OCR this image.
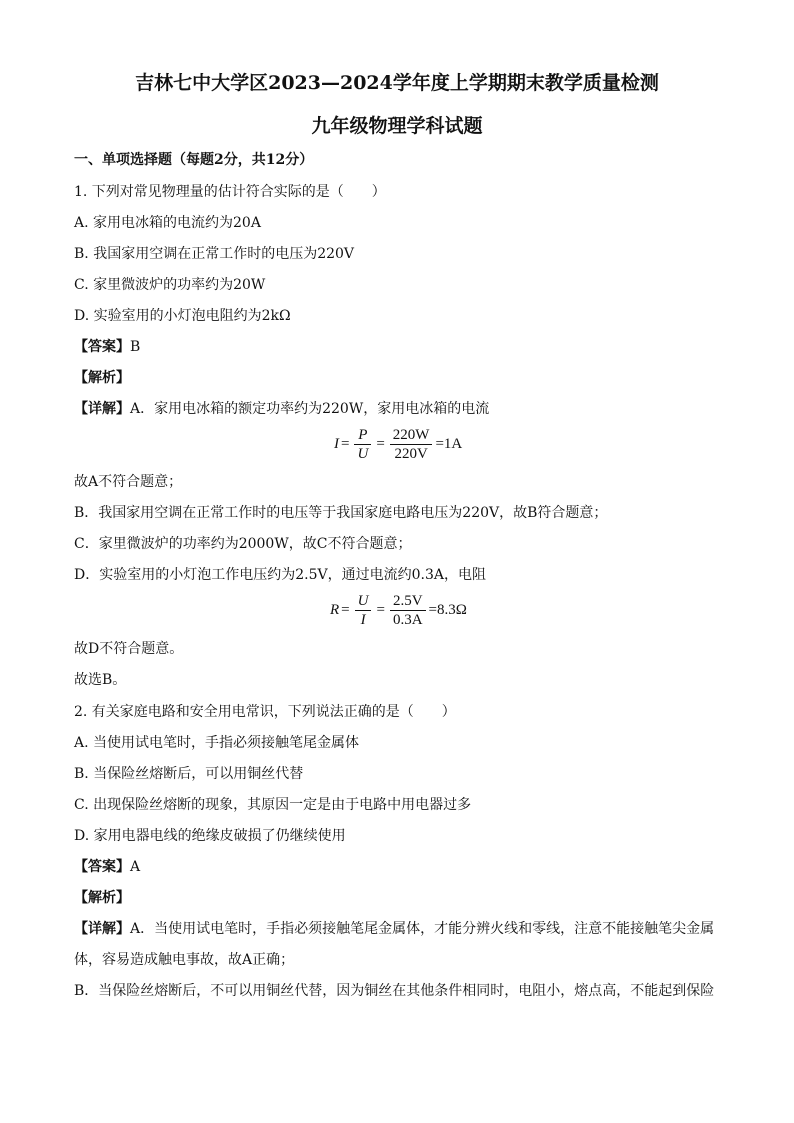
吉林七中大学区2023—2024学年度上学期期末教学质量检测
九年级物理学科试题
一、单项选择题（每题2分，共12分）
1. 下列对常见物理量的估计符合实际的是（　　）
A. 家用电冰箱的电流约为20A
B. 我国家用空调在正常工作时的电压为220V
C. 家里微波炉的功率约为20W
D. 实验室用的小灯泡电阻约为2kΩ
【答案】B
【解析】
【详解】A．家用电冰箱的额定功率约为220W，家用电冰箱的电流
$I = \frac{P}{U} = \frac{220W}{220V} =1A$
故A不符合题意；
B．我国家用空调在正常工作时的电压等于我国家庭电路电压为220V，故B符合题意；
C．家里微波炉的功率约为2000W，故C不符合题意；
D．实验室用的小灯泡工作电压约为2.5V，通过电流约0.3A，电阻
$R = \frac{U}{I} = \frac{2.5V}{0.3A} =8.3\Omega$
故D不符合题意。
故选B。
2. 有关家庭电路和安全用电常识，下列说法正确的是（　　）
A. 当使用试电笔时，手指必须接触笔尾金属体
B. 当保险丝熔断后，可以用铜丝代替
C. 出现保险丝熔断的现象，其原因一定是由于电路中用电器过多
D. 家用电器电线的绝缘皮破损了仍继续使用
【答案】A
【解析】
【详解】A．当使用试电笔时，手指必须接触笔尾金属体，才能分辨火线和零线，注意不能接触笔尖金属
体，容易造成触电事故，故A正确；
B．当保险丝熔断后，不可以用铜丝代替，因为铜丝在其他条件相同时，电阻小，熔点高，不能起到保险
